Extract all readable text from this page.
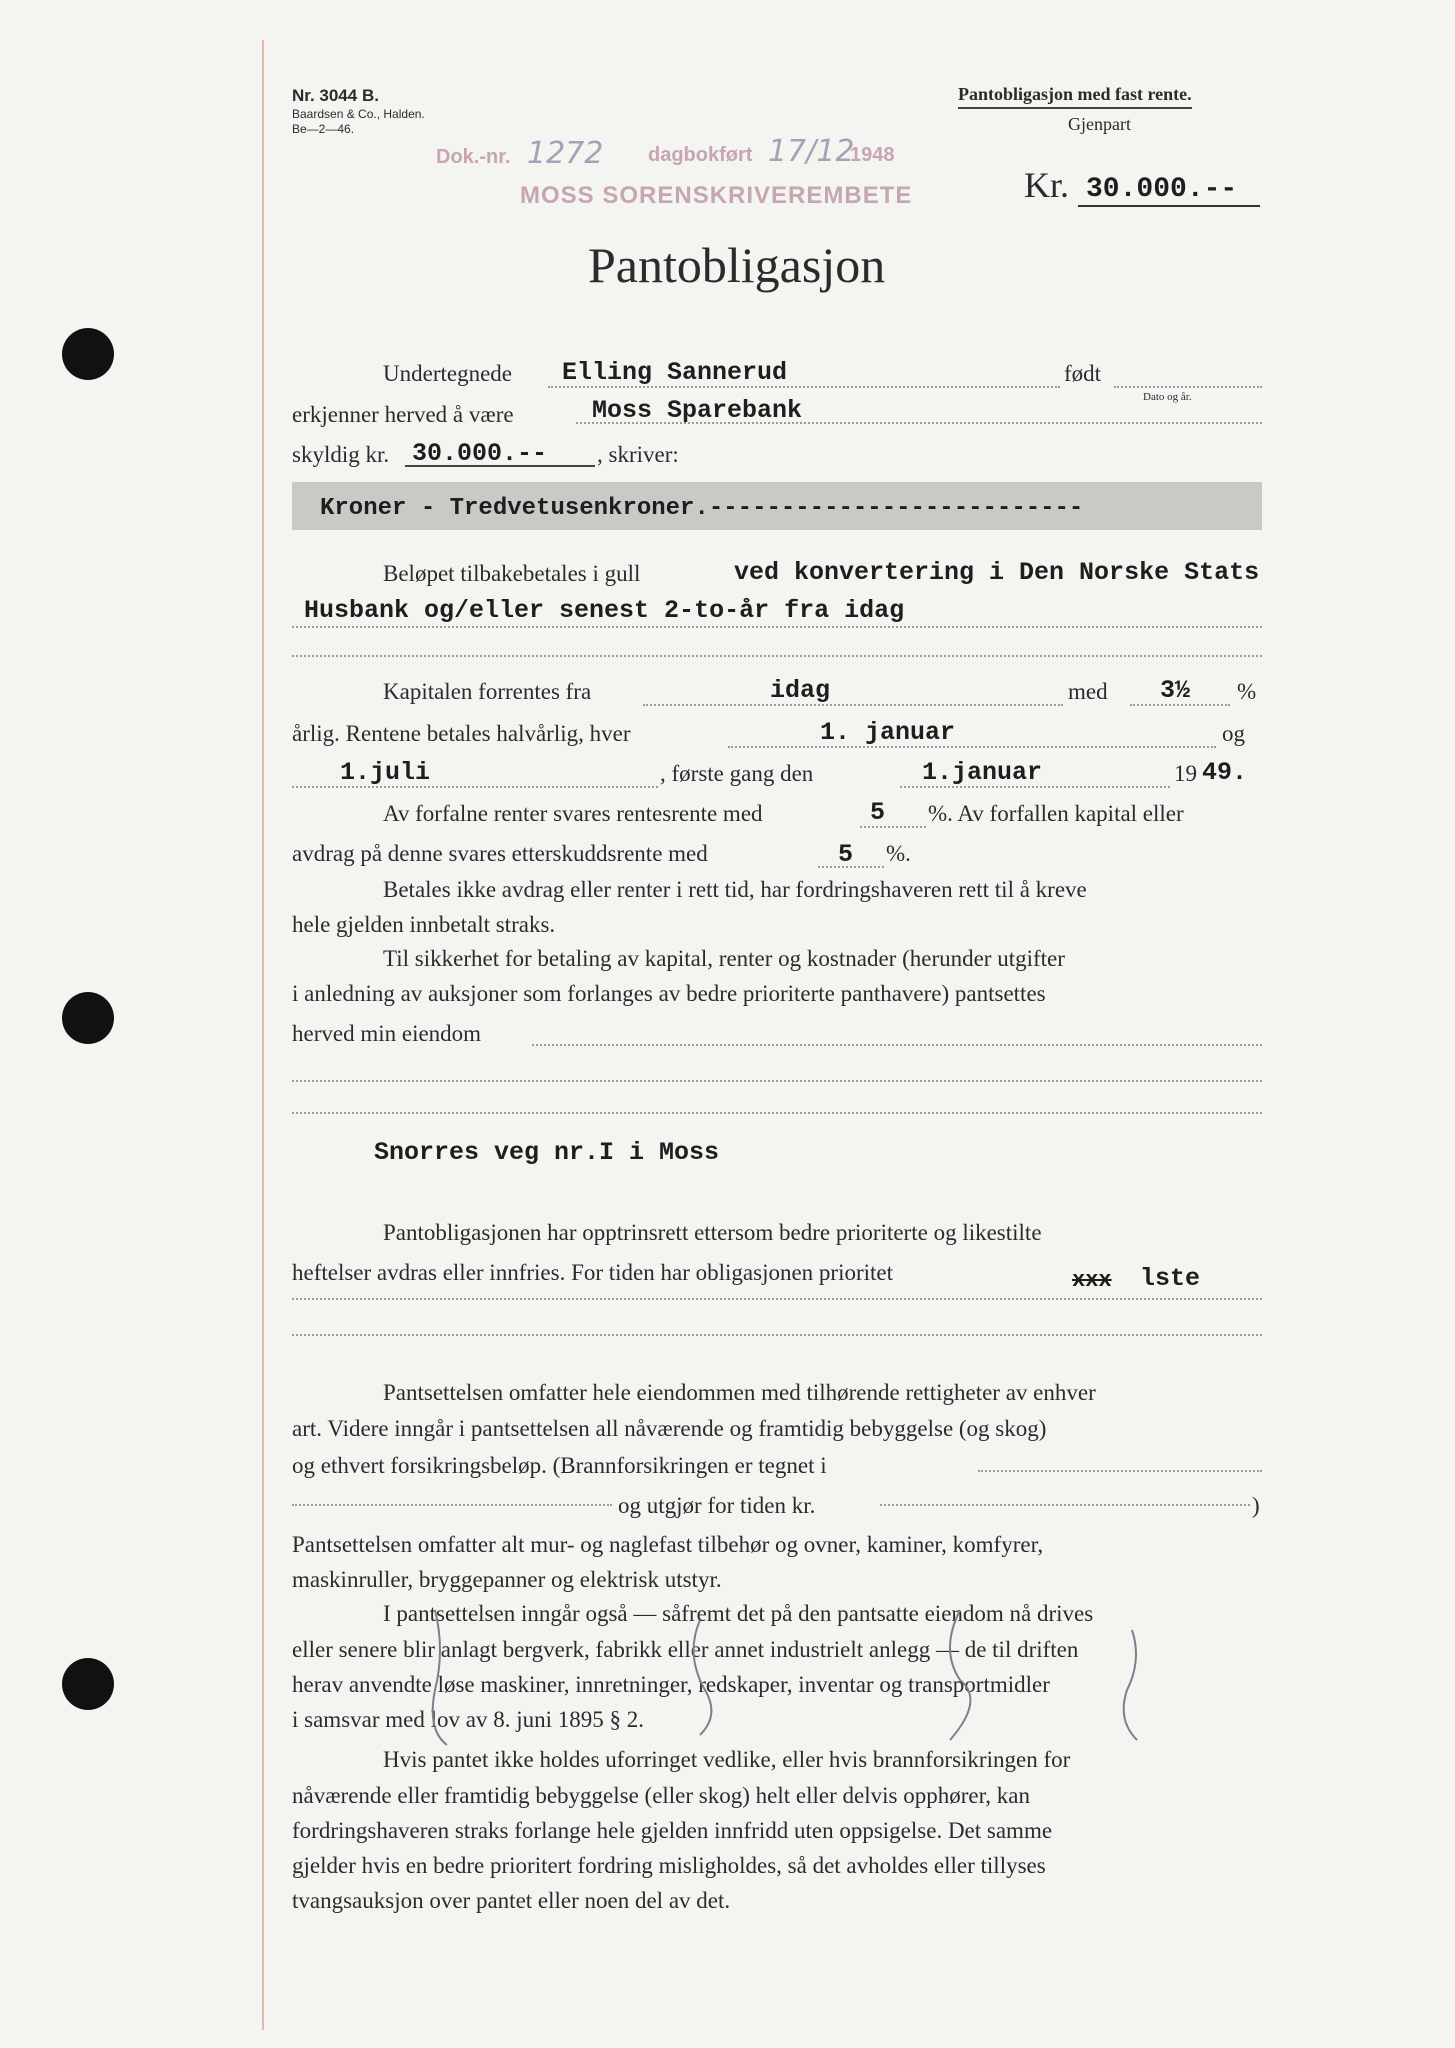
Nr. 3044 B.
Baardsen & Co., Halden.
Be—2—46.
Pantobligasjon med fast rente.
Gjenpart
Dok.-nr. 1272 dagbokført 17/12
1948
MOSS SORENSKRIVEREMBETE	Kr. 30.000.--
Pantobligasjon
Undertegnede Elling Sannerud	født
Dato og år.
erkjenner herved å være	Moss Sparebank
skyldig kr. 30.000.-- , skriver:
Kroner - Tredvetusenkroner.--------------------------
Beløpet tilbakebetales i gull	ved konvertering i Den Norske Stats
Husbank og/eller senest 2-to-år fra idag
Kapitalen forrentes fra	idag	med 3½ %
årlig. Rentene betales halvårlig, hver	1. januar	og
1.juli	, første gang den	1.januar	19 49.
Av forfalne renter svares rentesrente med	5 %. Av forfallen kapital eller
avdrag på denne svares etterskuddsrente med	5 %.
Betales ikke avdrag eller renter i rett tid, har fordringshaveren rett til å kreve
hele gjelden innbetalt straks.
Til sikkerhet for betaling av kapital, renter og kostnader (herunder utgifter
i anledning av auksjoner som forlanges av bedre prioriterte panthavere) pantsettes
herved min eiendom
Snorres veg nr.I i Moss
Pantobligasjonen har opptrinsrett ettersom bedre prioriterte og likestilte
heftelser avdras eller innfries. For tiden har obligasjonen prioritet	xxx lste
Pantsettelsen omfatter hele eiendommen med tilhørende rettigheter av enhver
art. Videre inngår i pantsettelsen all nåværende og framtidig bebyggelse (og skog)
og ethvert forsikringsbeløp. (Brannforsikringen er tegnet i
og utgjør for tiden kr.	)
Pantsettelsen omfatter alt mur- og naglefast tilbehør og ovner, kaminer, komfyrer,
maskinruller, bryggepanner og elektrisk utstyr.
I pantsettelsen inngår også — såfremt det på den pantsatte eiendom nå drives
eller senere blir anlagt bergverk, fabrikk eller annet industrielt anlegg — de til driften
herav anvendte løse maskiner, innretninger, redskaper, inventar og transportmidler
i samsvar med lov av 8. juni 1895 § 2.
Hvis pantet ikke holdes uforringet vedlike, eller hvis brannforsikringen for
nåværende eller framtidig bebyggelse (eller skog) helt eller delvis opphører, kan
fordringshaveren straks forlange hele gjelden innfridd uten oppsigelse. Det samme
gjelder hvis en bedre prioritert fordring misligholdes, så det avholdes eller tillyses
tvangsauksjon over pantet eller noen del av det.
